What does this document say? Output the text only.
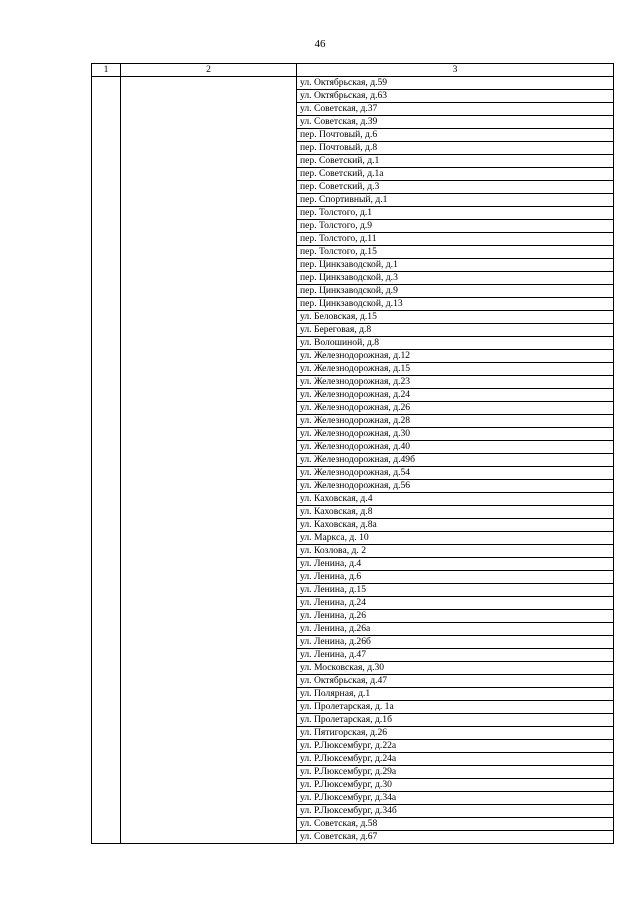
46
1	2	3
		ул. Октябрьская, д.59
		ул. Октябрьская, д.63
		ул. Советская, д.37
		ул. Советская, д.39
		пер. Почтовый, д.6
		пер. Почтовый, д.8
		пер. Советский, д.1
		пер. Советский, д.1а
		пер. Советский, д.3
		пер. Спортивный, д.1
		пер. Толстого, д.1
		пер. Толстого, д.9
		пер. Толстого, д.11
		пер. Толстого, д.15
		пер. Цинкзаводской, д.1
		пер. Цинкзаводской, д.3
		пер. Цинкзаводской, д.9
		пер. Цинкзаводской, д.13
		ул. Беловская, д.15
		ул. Береговая, д.8
		ул. Волошиной, д.8
		ул. Железнодорожная, д.12
		ул. Железнодорожная, д.15
		ул. Железнодорожная, д.23
		ул. Железнодорожная, д.24
		ул. Железнодорожная, д.26
		ул. Железнодорожная, д.28
		ул. Железнодорожная, д.30
		ул. Железнодорожная, д.40
		ул. Железнодорожная, д.49б
		ул. Железнодорожная, д.54
		ул. Железнодорожная, д.56
		ул. Каховская, д.4
		ул. Каховская, д.8
		ул. Каховская, д.8а
		ул. Маркса, д. 10
		ул. Козлова, д. 2
		ул. Ленина, д.4
		ул. Ленина, д.6
		ул. Ленина, д.15
		ул. Ленина, д.24
		ул. Ленина, д.26
		ул. Ленина, д.26а
		ул. Ленина, д.26б
		ул. Ленина, д.47
		ул. Московская, д.30
		ул. Октябрьская, д.47
		ул. Полярная, д.1
		ул. Пролетарская, д. 1а
		ул. Пролетарская, д.1б
		ул. Пятигорская, д.26
		ул. Р.Люксембург, д.22а
		ул. Р.Люксембург, д.24а
		ул. Р.Люксембург, д.29а
		ул. Р.Люксембург, д.30
		ул. Р.Люксембург, д.34а
		ул. Р.Люксембург, д.34б
		ул. Советская, д.58
		ул. Советская, д.67
